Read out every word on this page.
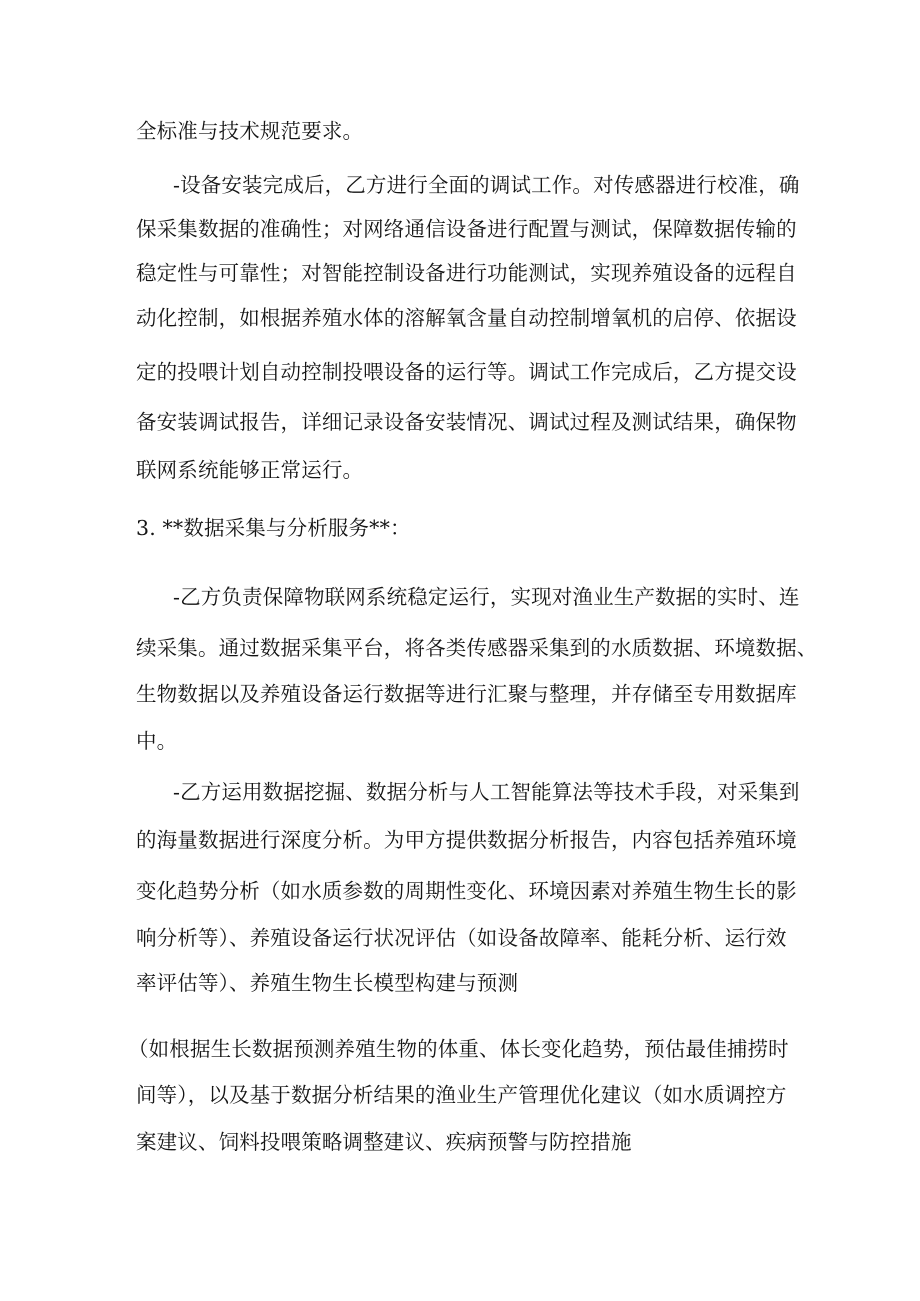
全标准与技术规范要求。

-设备安装完成后，乙方进行全面的调试工作。对传感器进行校准，确

保采集数据的准确性；对网络通信设备进行配置与测试，保障数据传输的

稳定性与可靠性；对智能控制设备进行功能测试，实现养殖设备的远程自

动化控制，如根据养殖水体的溶解氧含量自动控制增氧机的启停、依据设

定的投喂计划自动控制投喂设备的运行等。调试工作完成后，乙方提交设

备安装调试报告，详细记录设备安装情况、调试过程及测试结果，确保物

联网系统能够正常运行。

3. **数据采集与分析服务**：

-乙方负责保障物联网系统稳定运行，实现对渔业生产数据的实时、连

续采集。通过数据采集平台，将各类传感器采集到的水质数据、环境数据、

生物数据以及养殖设备运行数据等进行汇聚与整理，并存储至专用数据库

中。

-乙方运用数据挖掘、数据分析与人工智能算法等技术手段，对采集到

的海量数据进行深度分析。为甲方提供数据分析报告，内容包括养殖环境

变化趋势分析（如水质参数的周期性变化、环境因素对养殖生物生长的影

响分析等）、养殖设备运行状况评估（如设备故障率、能耗分析、运行效

率评估等）、养殖生物生长模型构建与预测

（如根据生长数据预测养殖生物的体重、体长变化趋势，预估最佳捕捞时

间等），以及基于数据分析结果的渔业生产管理优化建议（如水质调控方

案建议、饲料投喂策略调整建议、疾病预警与防控措施
